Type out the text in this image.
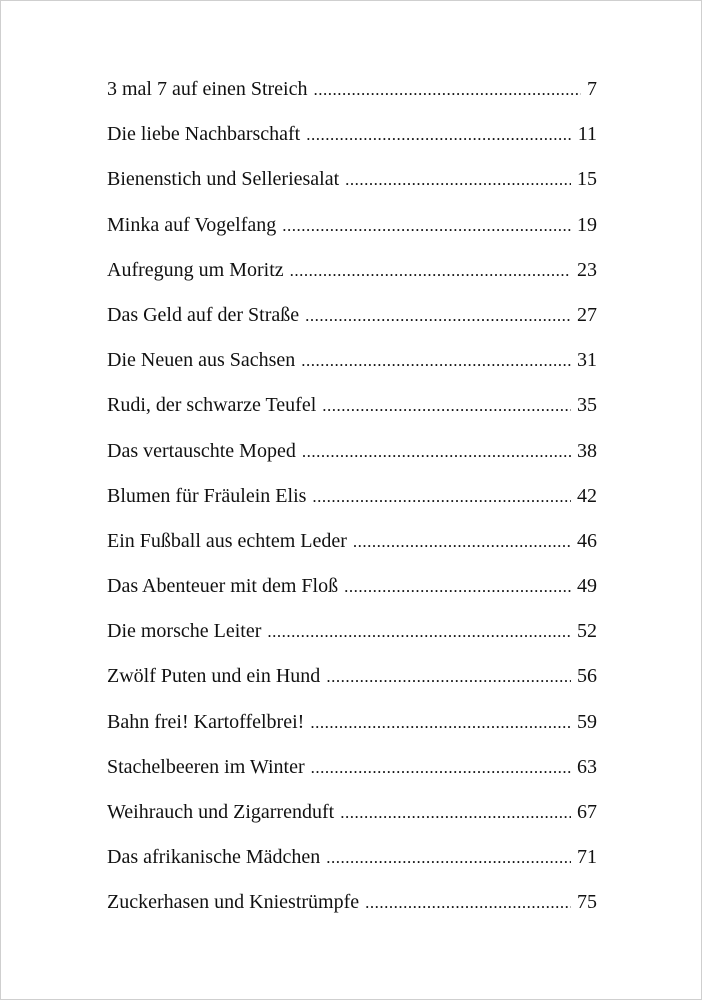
3 mal 7 auf einen Streich .....	7
Die liebe Nachbarschaft .....	11
Bienenstich und Selleriesalat .....	15
Minka auf Vogelfang .....	19
Aufregung um Moritz .....	23
Das Geld auf der Straße .....	27
Die Neuen aus Sachsen .....	31
Rudi, der schwarze Teufel .....	35
Das vertauschte Moped .....	38
Blumen für Fräulein Elis .....	42
Ein Fußball aus echtem Leder .....	46
Das Abenteuer mit dem Floß .....	49
Die morsche Leiter .....	52
Zwölf Puten und ein Hund .....	56
Bahn frei! Kartoffelbrei! .....	59
Stachelbeeren im Winter .....	63
Weihrauch und Zigarrenduft .....	67
Das afrikanische Mädchen .....	71
Zuckerhasen und Kniestrümpfe .....	75
